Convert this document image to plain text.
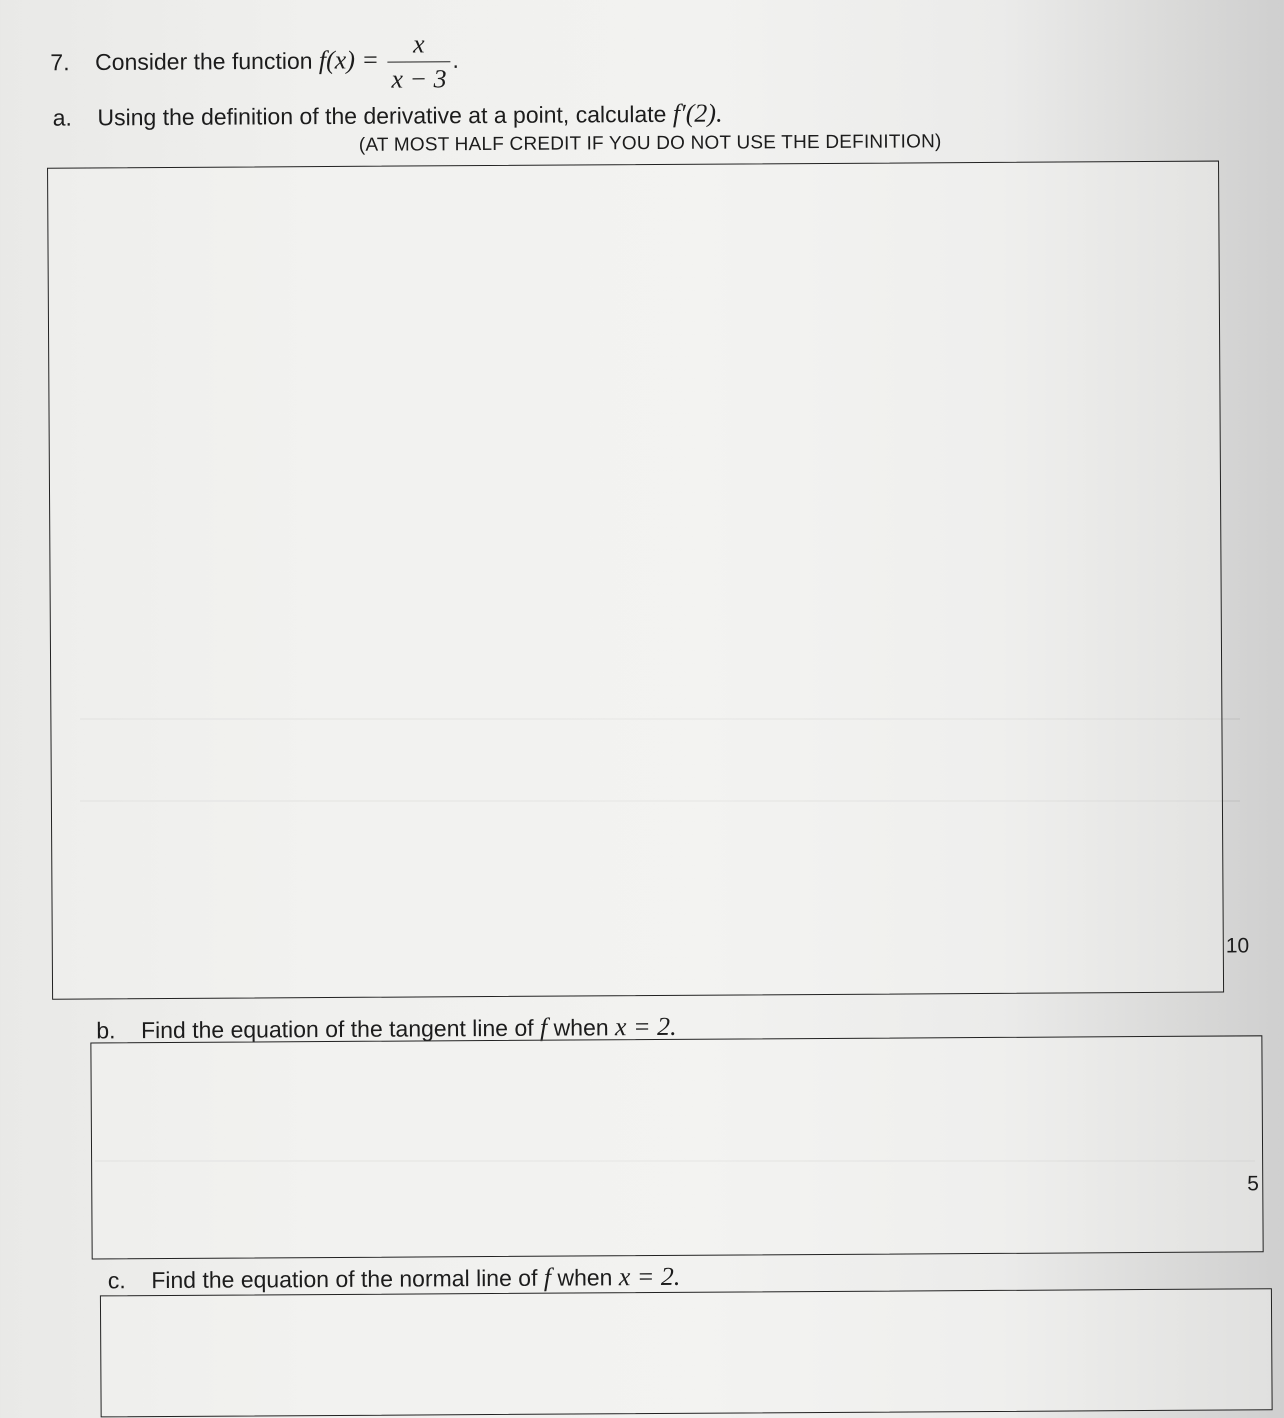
7. Consider the function $f(x) = \frac{x}{x - 3}$ .
a. Using the definition of the derivative at a point, calculate f′(2).
(AT MOST HALF CREDIT IF YOU DO NOT USE THE DEFINITION)
10
b. Find the equation of the tangent line of f when x = 2.
5
c. Find the equation of the normal line of f when x = 2.
